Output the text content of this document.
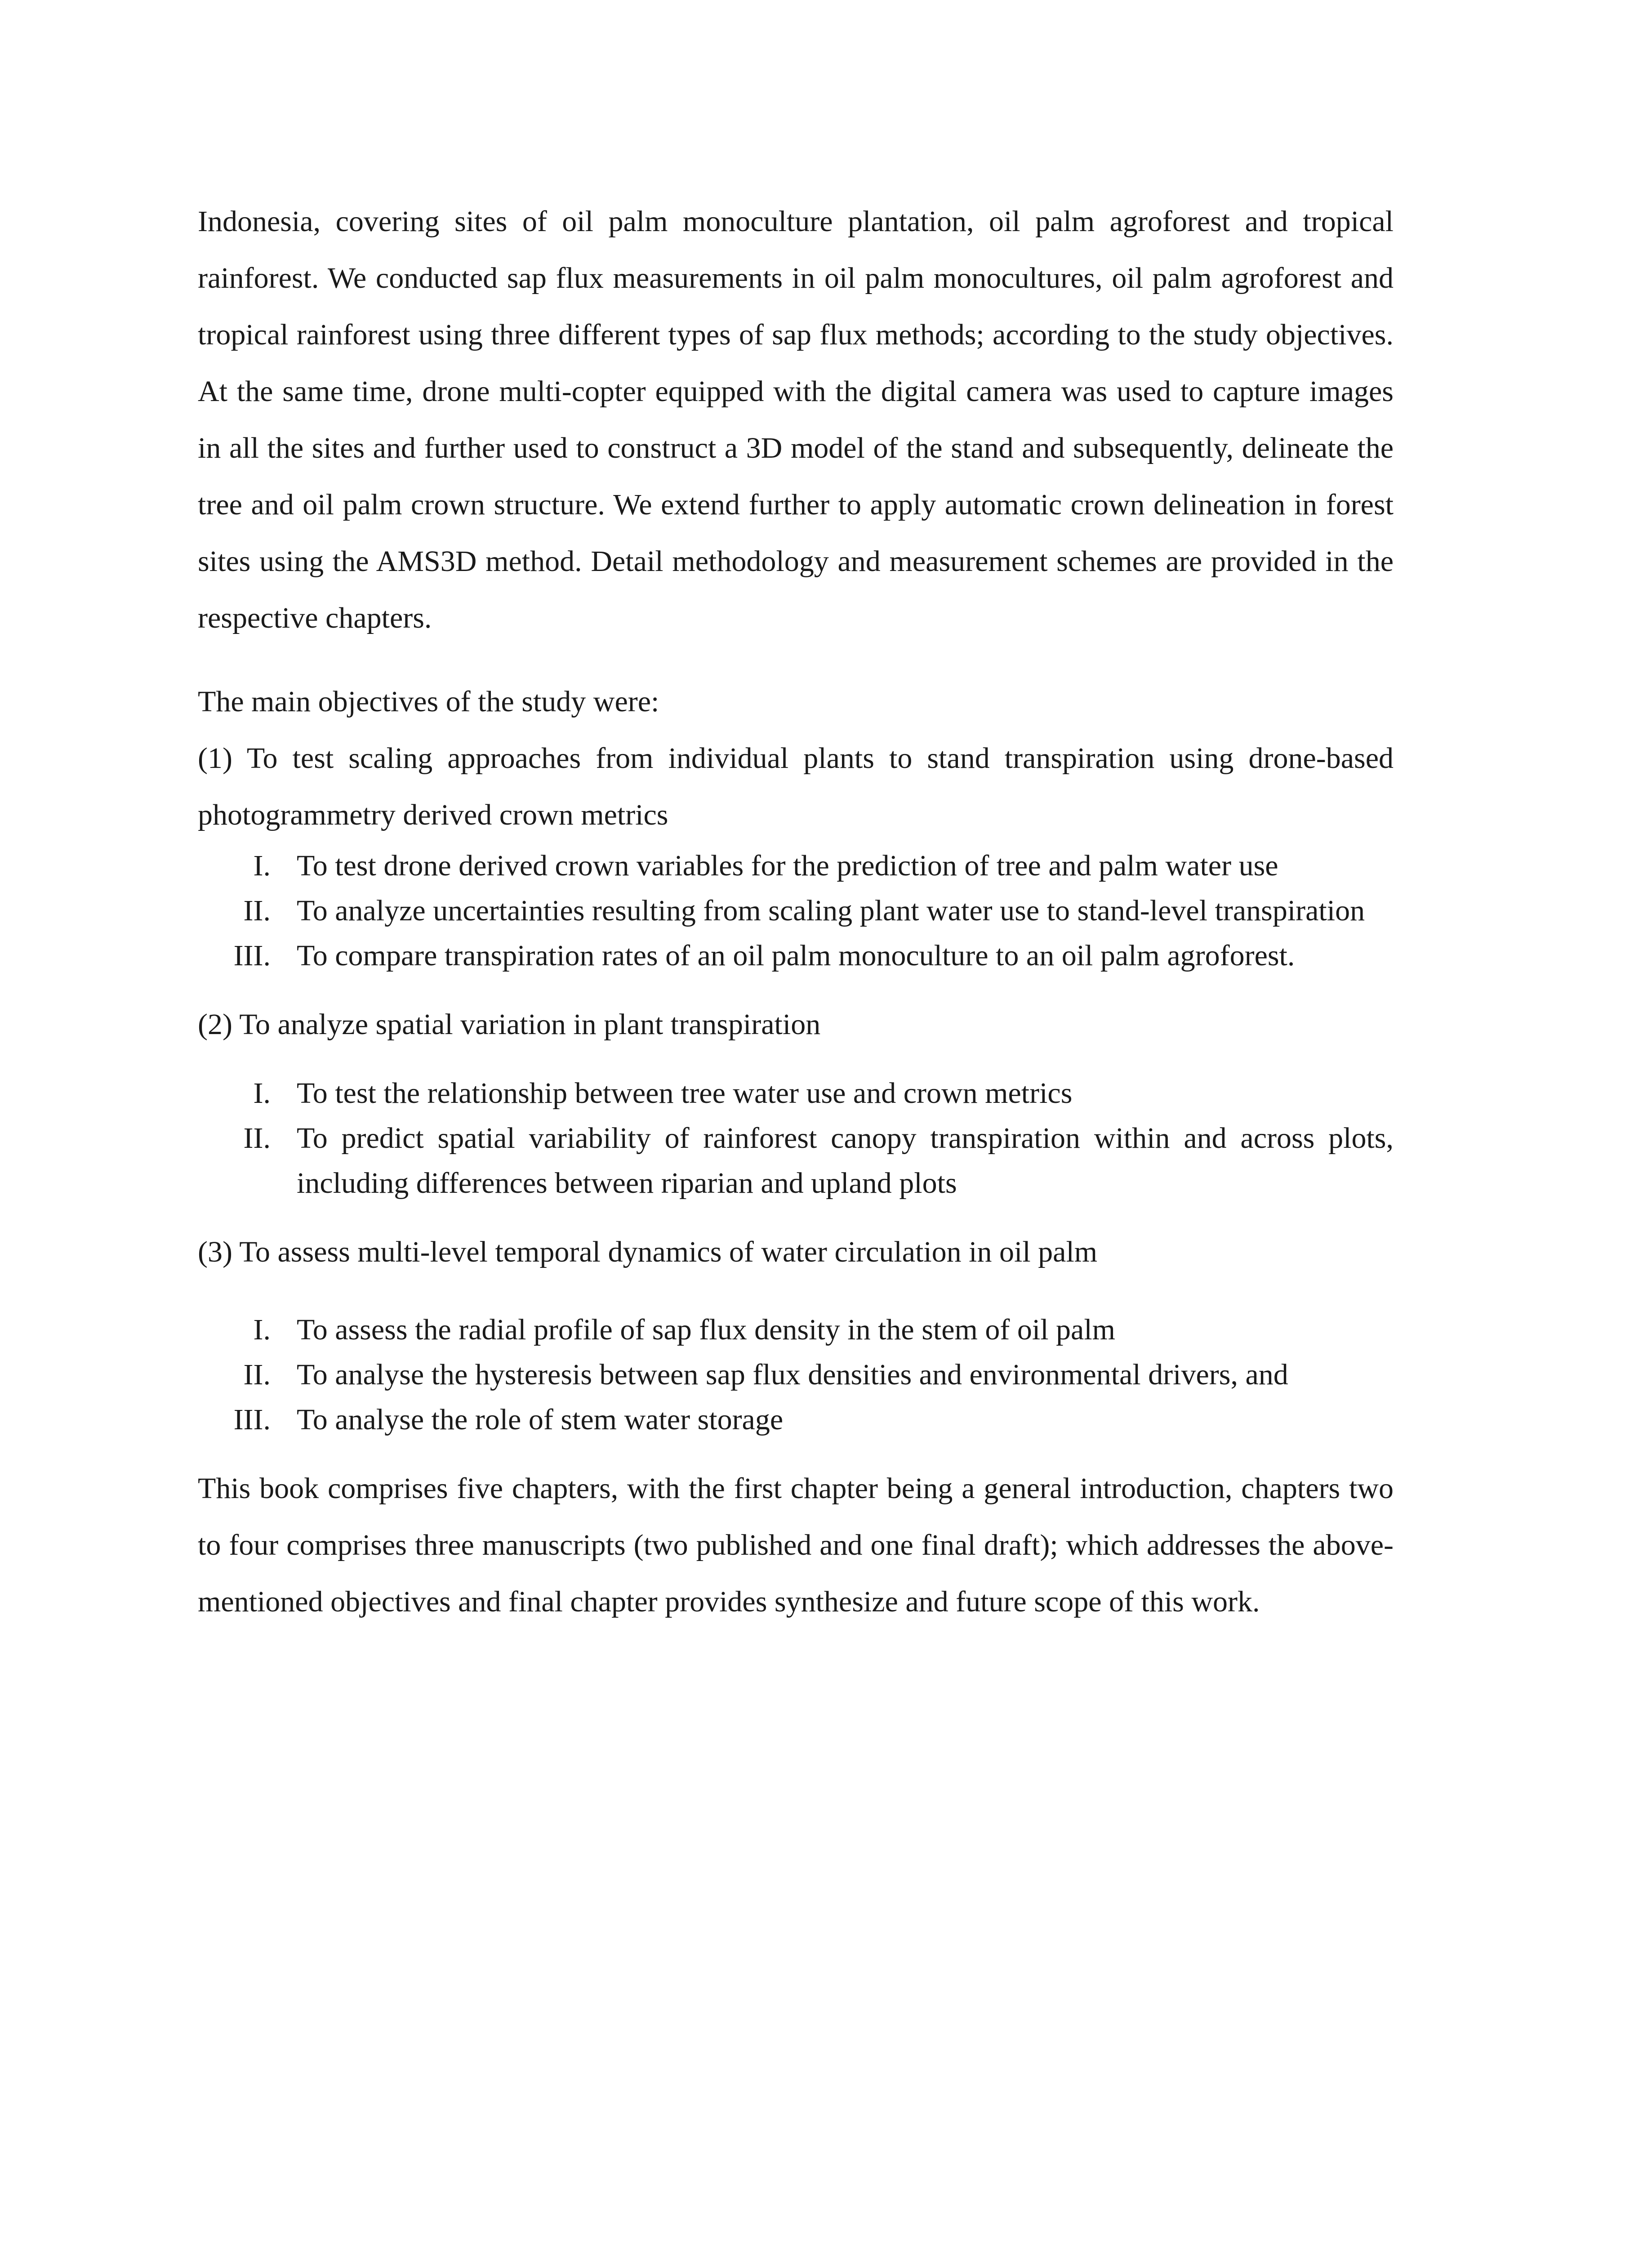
Indonesia, covering sites of oil palm monoculture plantation, oil palm agroforest and tropical rainforest. We conducted sap flux measurements in oil palm monocultures, oil palm agroforest and tropical rainforest using three different types of sap flux methods; according to the study objectives. At the same time, drone multi-copter equipped with the digital camera was used to capture images in all the sites and further used to construct a 3D model of the stand and subsequently, delineate the tree and oil palm crown structure. We extend further to apply automatic crown delineation in forest sites using the AMS3D method. Detail methodology and measurement schemes are provided in the respective chapters.

The main objectives of the study were:

(1) To test scaling approaches from individual plants to stand transpiration using drone-based photogrammetry derived crown metrics

I. To test drone derived crown variables for the prediction of tree and palm water use
II. To analyze uncertainties resulting from scaling plant water use to stand-level transpiration
III. To compare transpiration rates of an oil palm monoculture to an oil palm agroforest.

(2) To analyze spatial variation in plant transpiration

I. To test the relationship between tree water use and crown metrics
II. To predict spatial variability of rainforest canopy transpiration within and across plots, including differences between riparian and upland plots

(3) To assess multi-level temporal dynamics of water circulation in oil palm

I. To assess the radial profile of sap flux density in the stem of oil palm
II. To analyse the hysteresis between sap flux densities and environmental drivers, and
III. To analyse the role of stem water storage

This book comprises five chapters, with the first chapter being a general introduction, chapters two to four comprises three manuscripts (two published and one final draft); which addresses the above-mentioned objectives and final chapter provides synthesize and future scope of this work.
